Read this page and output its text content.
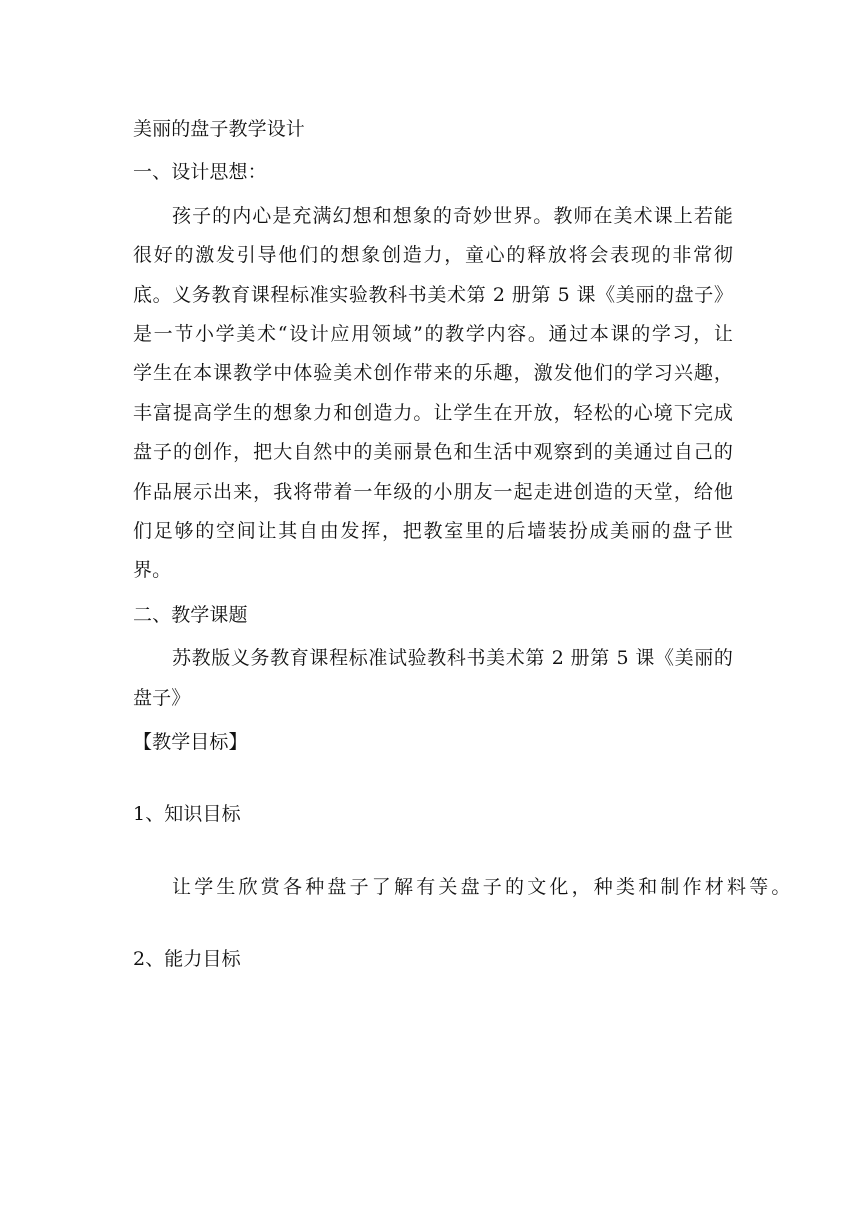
美丽的盘子教学设计
一、设计思想：
孩子的内心是充满幻想和想象的奇妙世界。教师在美术课上若能
很好的激发引导他们的想象创造力，童心的释放将会表现的非常彻
底。义务教育课程标准实验教科书美术第 2 册第 5 课《美丽的盘子》
是一节小学美术“设计应用领域”的教学内容。通过本课的学习，让
学生在本课教学中体验美术创作带来的乐趣，激发他们的学习兴趣，
丰富提高学生的想象力和创造力。让学生在开放，轻松的心境下完成
盘子的创作，把大自然中的美丽景色和生活中观察到的美通过自己的
作品展示出来，我将带着一年级的小朋友一起走进创造的天堂，给他
们足够的空间让其自由发挥，把教室里的后墙装扮成美丽的盘子世
界。
二、教学课题
苏教版义务教育课程标准试验教科书美术第 2 册第 5 课《美丽的
盘子》
【教学目标】
1、知识目标
让学生欣赏各种盘子了解有关盘子的文化，种类和制作材料等。
2、能力目标
